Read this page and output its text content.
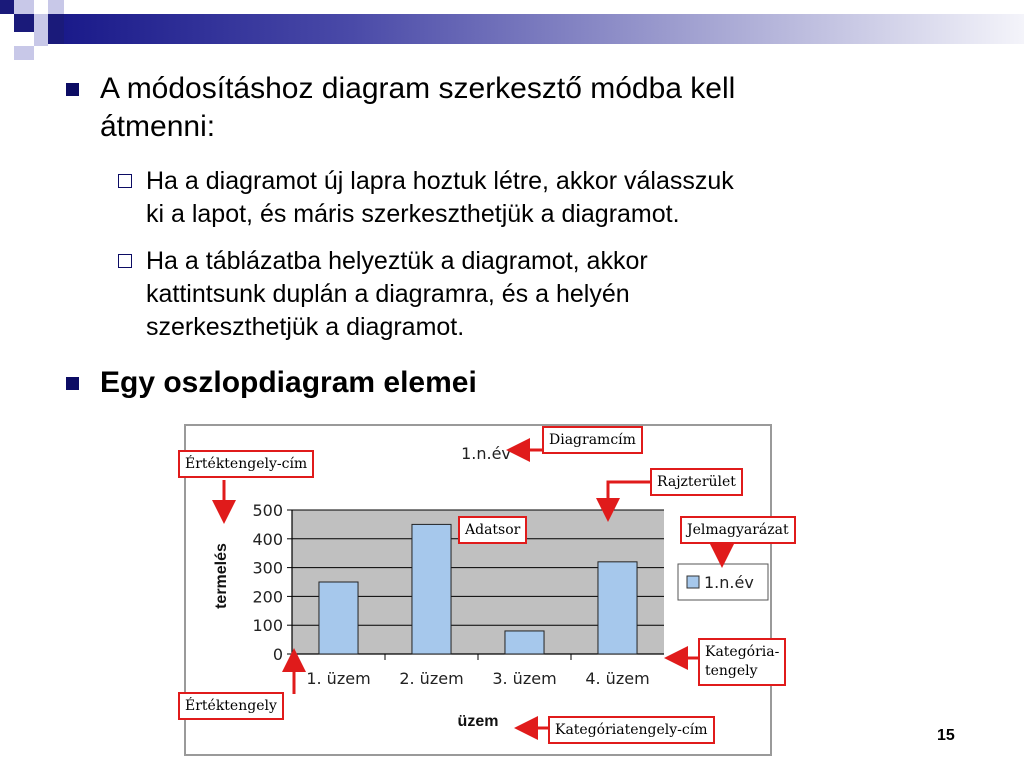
A módosításhoz diagram szerkesztő módba kell
átmenni:
Ha a diagramot új lapra hoztuk létre, akkor válasszuk
ki a lapot, és máris szerkeszthetjük a diagramot.
Ha a táblázatba helyeztük a diagramot, akkor
kattintsunk duplán a diagramra, és a helyén
szerkeszthetjük a diagramot.
Egy oszlopdiagram elemei
0
100
200
300
400
500
1. üzem 2. üzem 3. üzem 4. üzem
1.n.év
termelés
üzem
1.n.év
Diagramcím
Értéktengely-cím
Rajzterület
Adatsor	Jelmagyarázat
Kategória-
tengely
Értéktengely
Kategóriatengely-cím	15
